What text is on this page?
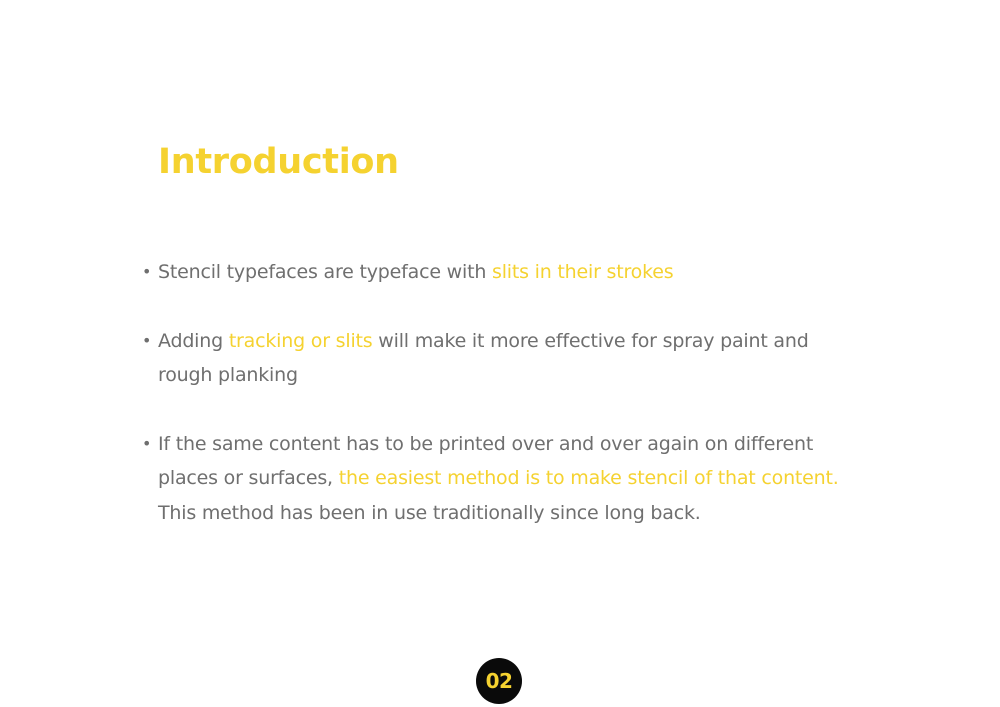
Introduction
• Stencil typefaces are typeface with slits in their strokes
• Adding tracking or slits will make it more effective for spray paint and rough planking
• If the same content has to be printed over and over again on different places or surfaces, the easiest method is to make stencil of that content. This method has been in use traditionally since long back.
02
